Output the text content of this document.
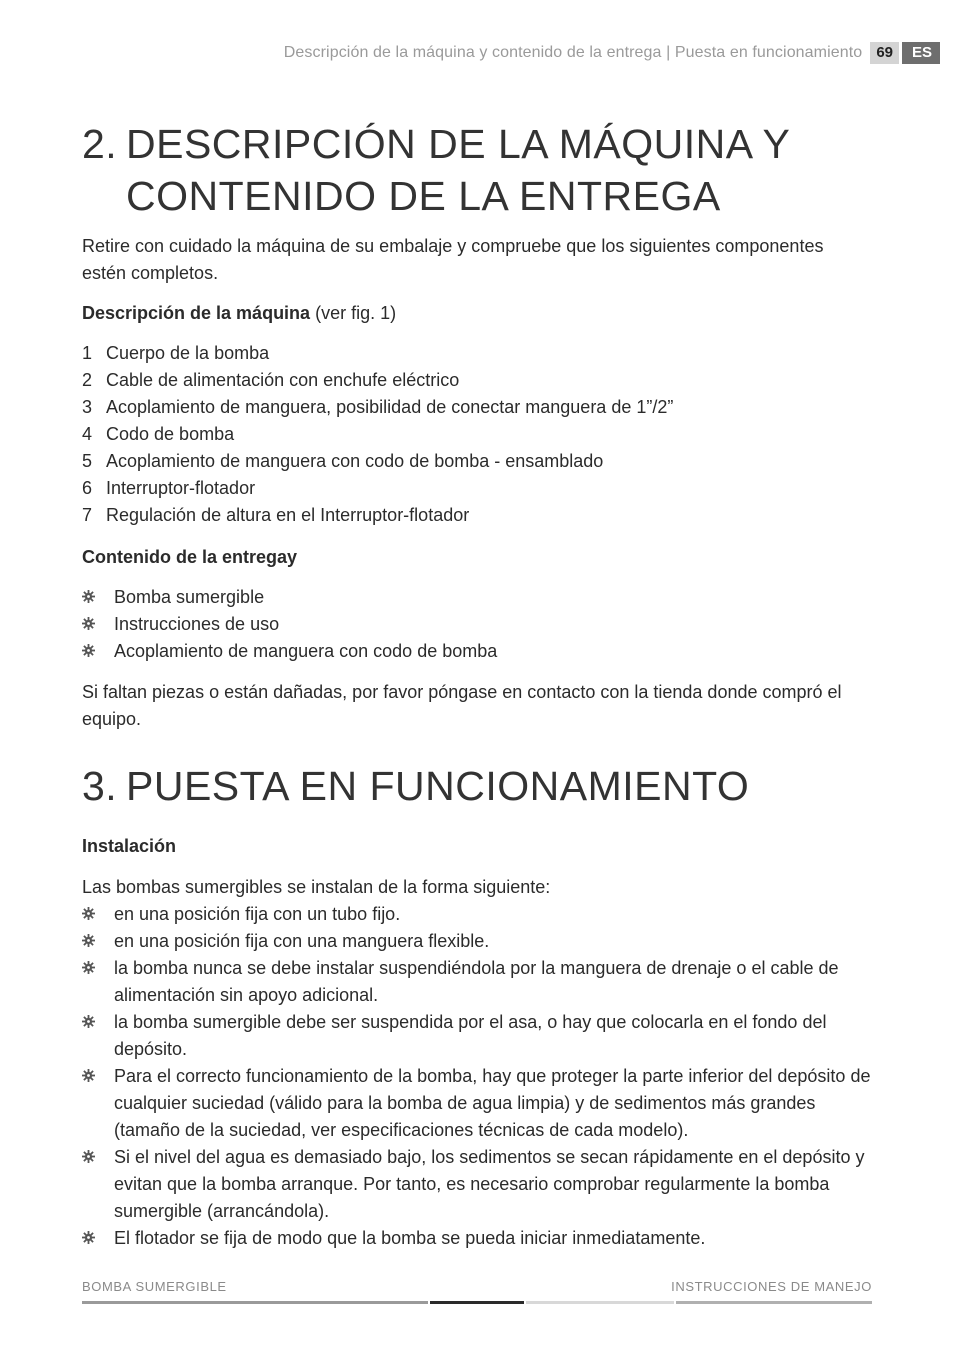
Descripción de la máquina y contenido de la entrega | Puesta en funcionamiento 69	ES
2. DESCRIPCIÓN DE LA MÁQUINA Y CONTENIDO DE LA ENTREGA

Retire con cuidado la máquina de su embalaje y compruebe que los siguientes componentes estén completos.

Descripción de la máquina (ver fig. 1)
1 Cuerpo de la bomba
2 Cable de alimentación con enchufe eléctrico
3 Acoplamiento de manguera, posibilidad de conectar manguera de 1”/2”
4 Codo de bomba
5 Acoplamiento de manguera con codo de bomba - ensamblado
6 Interruptor-flotador
7 Regulación de altura en el Interruptor-flotador
Contenido de la entregay
Bomba sumergible
Instrucciones de uso
Acoplamiento de manguera con codo de bomba

Si faltan piezas o están dañadas, por favor póngase en contacto con la tienda donde compró el equipo.

3. PUESTA EN FUNCIONAMIENTO
Instalación

Las bombas sumergibles se instalan de la forma siguiente:

en una posición fija con un tubo fijo.
en una posición fija con una manguera flexible.
la bomba nunca se debe instalar suspendiéndola por la manguera de drenaje o el cable de alimentación sin apoyo adicional.
la bomba sumergible debe ser suspendida por el asa, o hay que colocarla en el fondo del depósito.
Para el correcto funcionamiento de la bomba, hay que proteger la parte inferior del depósito de cualquier suciedad (válido para la bomba de agua limpia) y de sedimentos más grandes (tamaño de la suciedad, ver especificaciones técnicas de cada modelo).
Si el nivel del agua es demasiado bajo, los sedimentos se secan rápidamente en el depósito y evitan que la bomba arranque. Por tanto, es necesario comprobar regularmente la bomba sumergible (arrancándola).
El flotador se fija de modo que la bomba se pueda iniciar inmediatamente.
BOMBA SUMERGIBLE	INSTRUCCIONES DE MANEJO
